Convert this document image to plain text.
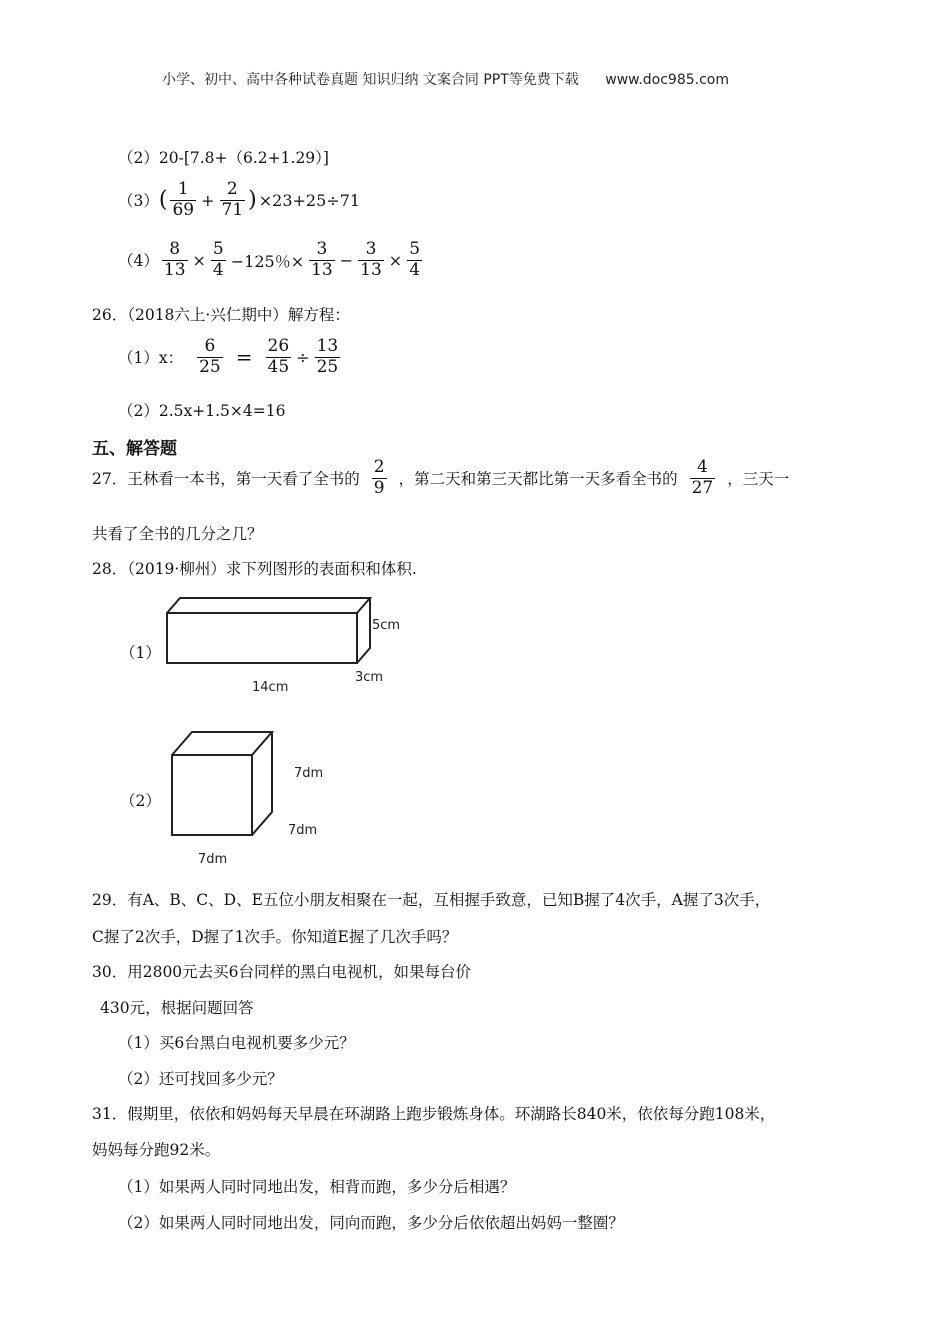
小学、初中、高中各种试卷真题 知识归纳 文案合同 PPT等免费下载 www.doc985.com
（2）20-[7.8+（6.2+1.29）]
$(3)( \frac{1}{69} + \frac{2}{71}$ ) ×23+25÷71
$(4) \frac{8}{13} \times \frac{5}{4} -125$％× $\frac{3}{13} - \frac{3}{13} \times \frac{5}{4}$
26．（2018六上·兴仁期中）解方程：
（1）x： $\frac{6}{25} = \frac{26}{45} \div \frac{13}{25}$
（2）2.5x+1.5×4=16
五、解答题
27．王林看一本书，第一天看了全书的 $\frac{2}{9}$ ，第二天和第三天都比第一天多看全书的 $\frac{4}{27}$ ，三天一
共看了全书的几分之几？
28．（2019·柳州）求下列图形的表面积和体积.
（1）
5cm
14cm
3cm
（2）
7dm
7dm
7dm
29．有A、B、C、D、E五位小朋友相聚在一起，互相握手致意，已知B握了4次手，A握了3次手，
C握了2次手，D握了1次手。你知道E握了几次手吗？
30．用2800元去买6台同样的黑白电视机，如果每台价
430元，根据问题回答
（1）买6台黑白电视机要多少元？
（2）还可找回多少元？
31．假期里，依依和妈妈每天早晨在环湖路上跑步锻炼身体。环湖路长840米，依依每分跑108米，
妈妈每分跑92米。
（1）如果两人同时同地出发，相背而跑，多少分后相遇？
（2）如果两人同时同地出发，同向而跑，多少分后依依超出妈妈一整圈？
